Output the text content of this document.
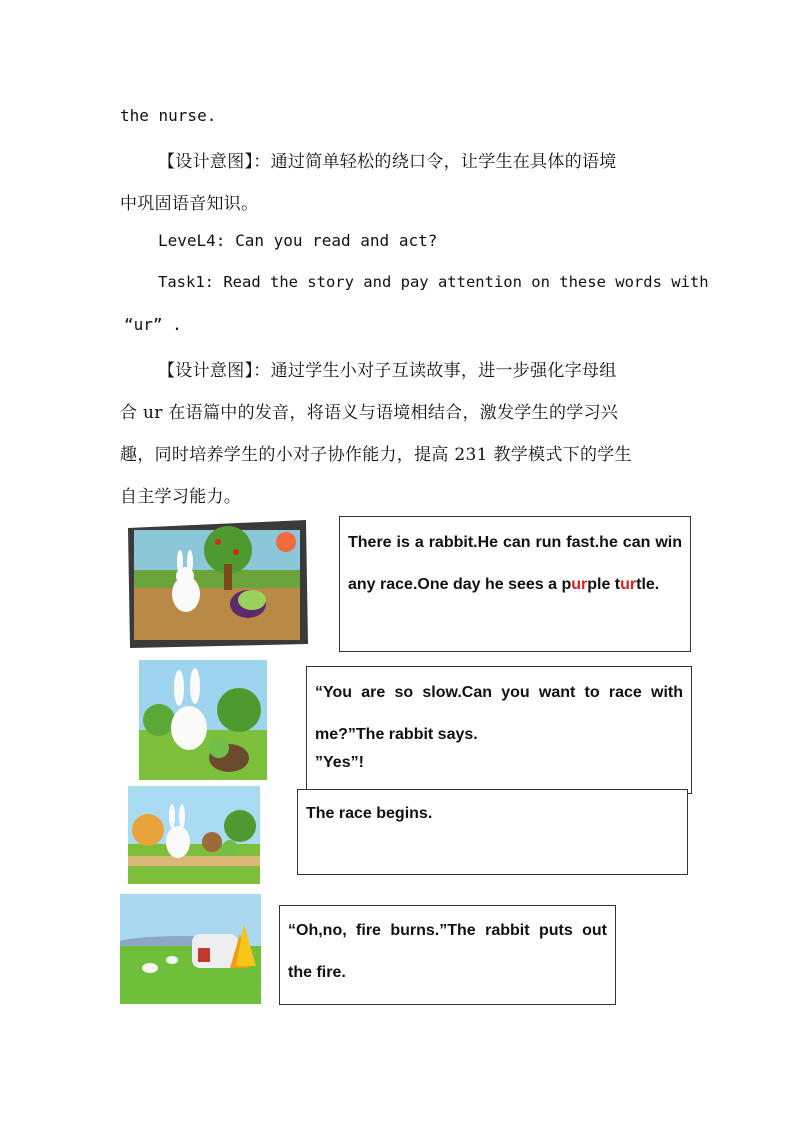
the nurse.
【设计意图】：通过简单轻松的绕口令，让学生在具体的语境
中巩固语音知识。
LeveL4: Can you read and act?
Task1: Read the story and pay attention on these words with
“ur” .
【设计意图】：通过学生小对子互读故事，进一步强化字母组
合 ur 在语篇中的发音，将语义与语境相结合，激发学生的学习兴
趣，同时培养学生的小对子协作能力，提高 231 教学模式下的学生
自主学习能力。
There is a rabbit.He can run fast.he can win any race.One day he sees a purple turtle.
“You are so slow.Can you want to race with me?”The rabbit says.
”Yes”!
The race begins.
“Oh,no, fire burns.”The rabbit puts out the fire.
